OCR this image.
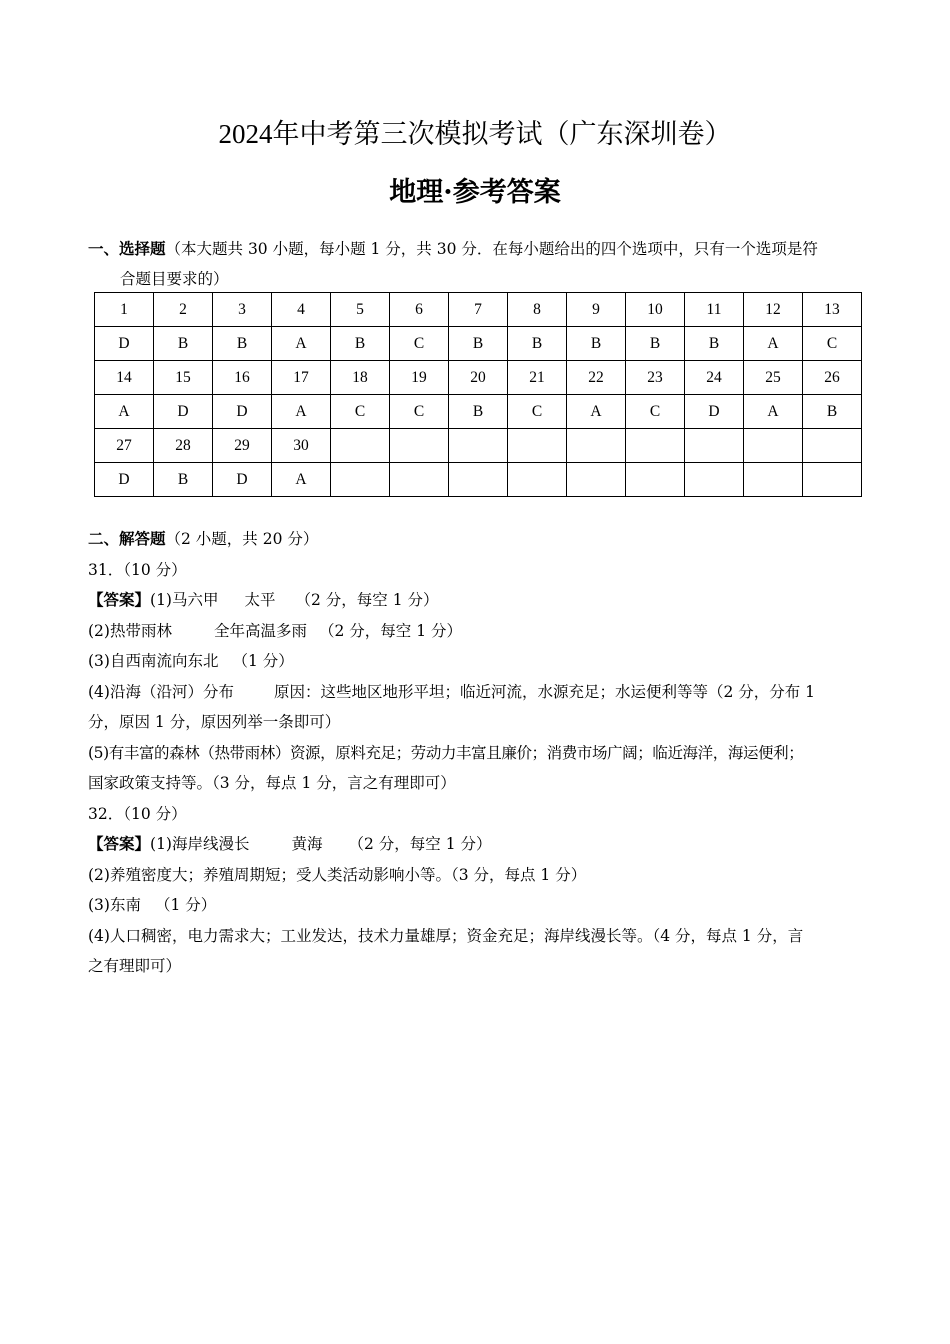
2024年中考第三次模拟考试（广东深圳卷）
地理·参考答案
一、选择题（本大题共 30 小题，每小题 1 分，共 30 分．在每小题给出的四个选项中，只有一个选项是符
合题目要求的）
1	2	3	4	5	6	7	8	9	10	11	12	13
D	B	B	A	B	C	B	B	B	B	B	A	C
14	15	16	17	18	19	20	21	22	23	24	25	26
A	D	D	A	C	C	B	C	A	C	D	A	B
27	28	29	30									
D	B	D	A									

二、解答题（2 小题，共 20 分）

31．（10 分）

【答案】(1)马六甲 太平 （2 分，每空 1 分）

(2)热带雨林	全年高温多雨 （2 分，每空 1 分）

(3)自西南流向东北 （1 分）

(4)沿海（沿河）分布	原因：这些地区地形平坦；临近河流，水源充足；水运便利等等（2 分，分布 1

分，原因 1 分，原因列举一条即可）

(5)有丰富的森林（热带雨林）资源，原料充足；劳动力丰富且廉价；消费市场广阔；临近海洋，海运便利；

国家政策支持等。（3 分，每点 1 分，言之有理即可）

32．（10 分）

【答案】(1)海岸线漫长	黄海 （2 分，每空 1 分）

(2)养殖密度大；养殖周期短；受人类活动影响小等。（3 分，每点 1 分）

(3)东南 （1 分）

(4)人口稠密，电力需求大；工业发达，技术力量雄厚；资金充足；海岸线漫长等。（4 分，每点 1 分，言

之有理即可）
